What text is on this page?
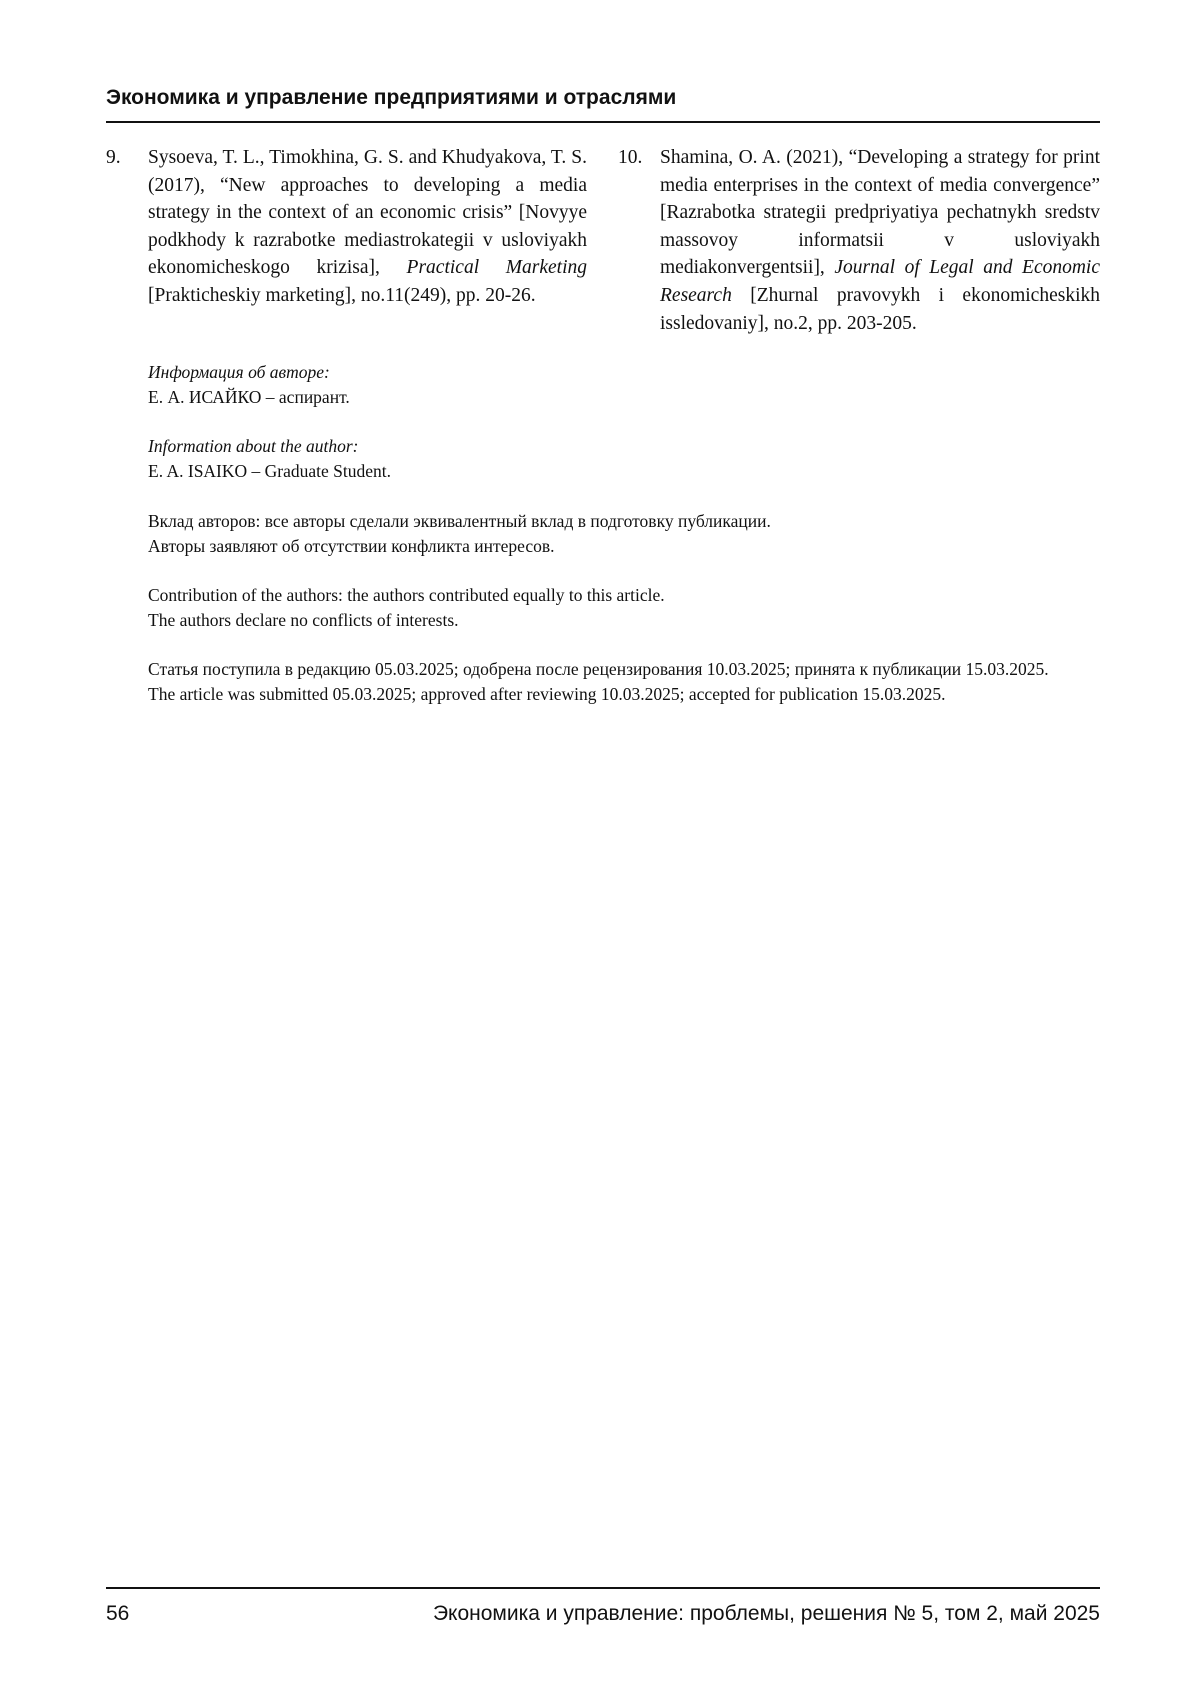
Экономика и управление предприятиями и отраслями
9.	Sysoeva, T. L., Timokhina, G. S. and Khudyakova, T. S. (2017), “New approaches to developing a media strategy in the context of an economic crisis” [Novyye podkhody k razrabotke mediastrokategii v usloviyakh ekonomicheskogo krizisa], Practical Marketing [Prakticheskiy marketing], no.11(249), pp. 20-26.
10. Shamina, O. A. (2021), “Developing a strategy for print media enterprises in the context of media convergence” [Razrabotka strategii predpriyatiya pechatnykh sredstv massovoy informatsii v usloviyakh mediakonvergentsii], Journal of Legal and Economic Research [Zhurnal pravovykh i ekonomicheskikh issledovaniy], no.2, pp. 203-205.

Информация об авторе:

Е. А. ИСАЙКО – аспирант.

Information about the author:

E. A. ISAIKO – Graduate Student.

Вклад авторов: все авторы сделали эквивалентный вклад в подготовку публикации.

Авторы заявляют об отсутствии конфликта интересов.

Contribution of the authors: the authors contributed equally to this article.

The authors declare no conflicts of interests.

Статья поступила в редакцию 05.03.2025; одобрена после рецензирования 10.03.2025; принята к публикации 15.03.2025.

The article was submitted 05.03.2025; approved after reviewing 10.03.2025; accepted for publication 15.03.2025.

56	Экономика и управление: проблемы, решения № 5, том 2, май 2025
